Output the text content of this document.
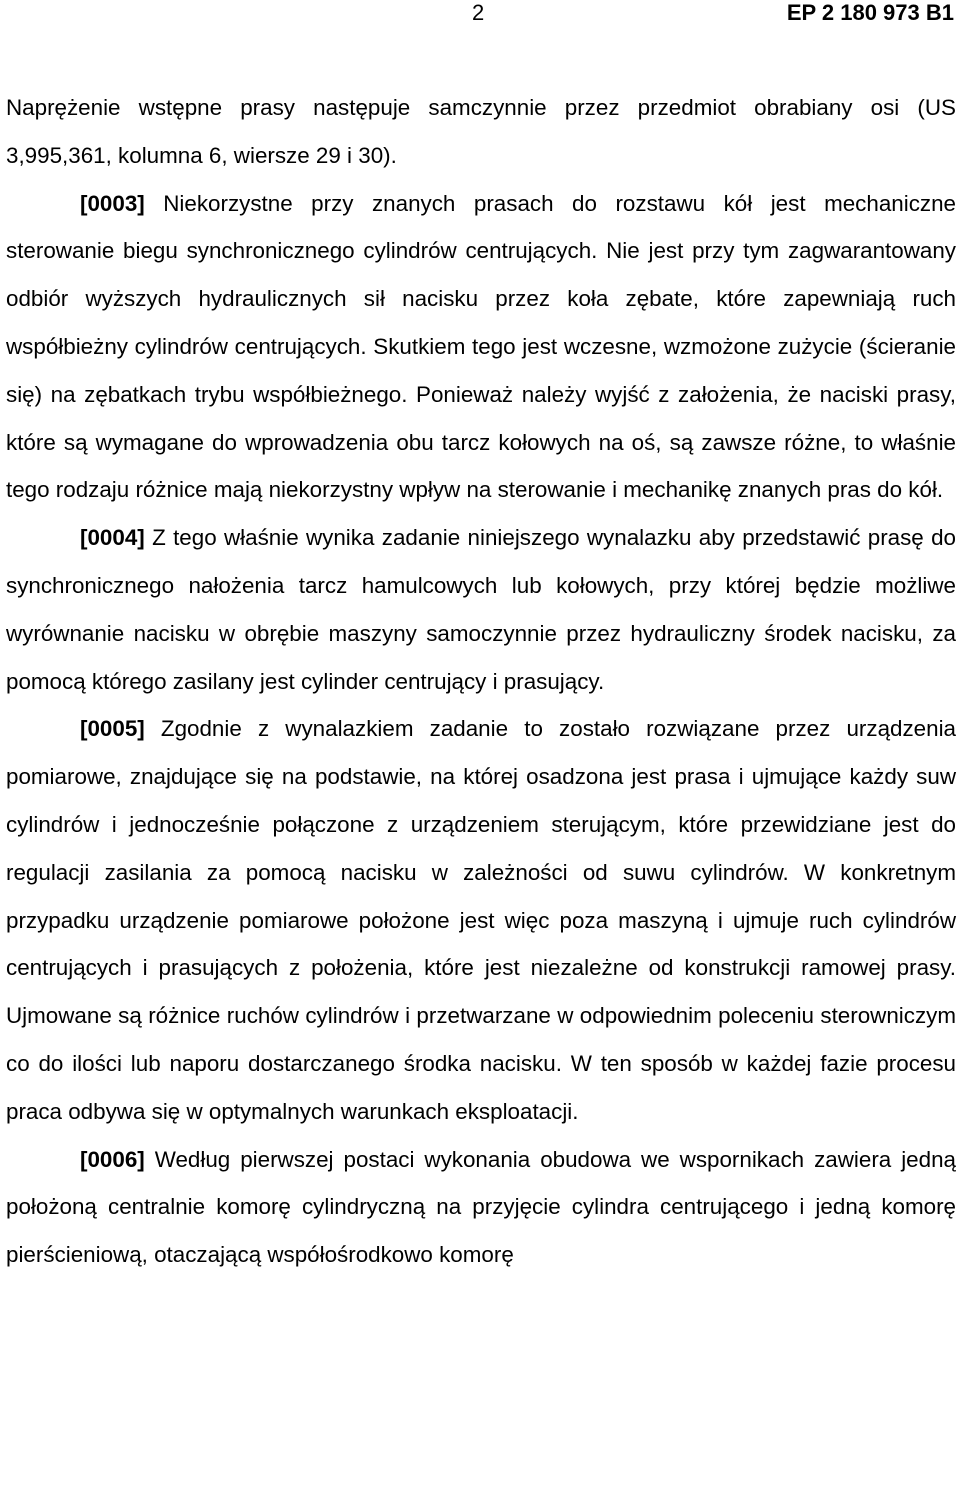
2	EP 2 180 973 B1

Naprężenie wstępne prasy następuje samczynnie przez przedmiot obrabiany osi (US 3,995,361, kolumna 6, wiersze 29 i 30).

[0003] Niekorzystne przy znanych prasach do rozstawu kół jest mechaniczne sterowanie biegu synchronicznego cylindrów centrujących. Nie jest przy tym zagwarantowany odbiór wyższych hydraulicznych sił nacisku przez koła zębate, które zapewniają ruch współbieżny cylindrów centrujących. Skutkiem tego jest wczesne, wzmożone zużycie (ścieranie się) na zębatkach trybu współbieżnego. Ponieważ należy wyjść z założenia, że naciski prasy, które są wymagane do wprowadzenia obu tarcz kołowych na oś, są zawsze różne, to właśnie tego rodzaju różnice mają niekorzystny wpływ na sterowanie i mechanikę znanych pras do kół.

[0004] Z tego właśnie wynika zadanie niniejszego wynalazku aby przedstawić prasę do synchronicznego nałożenia tarcz hamulcowych lub kołowych, przy której będzie możliwe wyrównanie nacisku w obrębie maszyny samoczynnie przez hydrauliczny środek nacisku, za pomocą którego zasilany jest cylinder centrujący i prasujący.

[0005] Zgodnie z wynalazkiem zadanie to zostało rozwiązane przez urządzenia pomiarowe, znajdujące się na podstawie, na której osadzona jest prasa i ujmujące każdy suw cylindrów i jednocześnie połączone z urządzeniem sterującym, które przewidziane jest do regulacji zasilania za pomocą nacisku w zależności od suwu cylindrów. W konkretnym przypadku urządzenie pomiarowe położone jest więc poza maszyną i ujmuje ruch cylindrów centrujących i prasujących z położenia, które jest niezależne od konstrukcji ramowej prasy. Ujmowane są różnice ruchów cylindrów i przetwarzane w odpowiednim poleceniu sterowniczym co do ilości lub naporu dostarczanego środka nacisku. W ten sposób w każdej fazie procesu praca odbywa się w optymalnych warunkach eksploatacji.

[0006] Według pierwszej postaci wykonania obudowa we wspornikach zawiera jedną położoną centralnie komorę cylindryczną na przyjęcie cylindra centrującego i jedną komorę pierścieniową, otaczającą współośrodkowo komorę
